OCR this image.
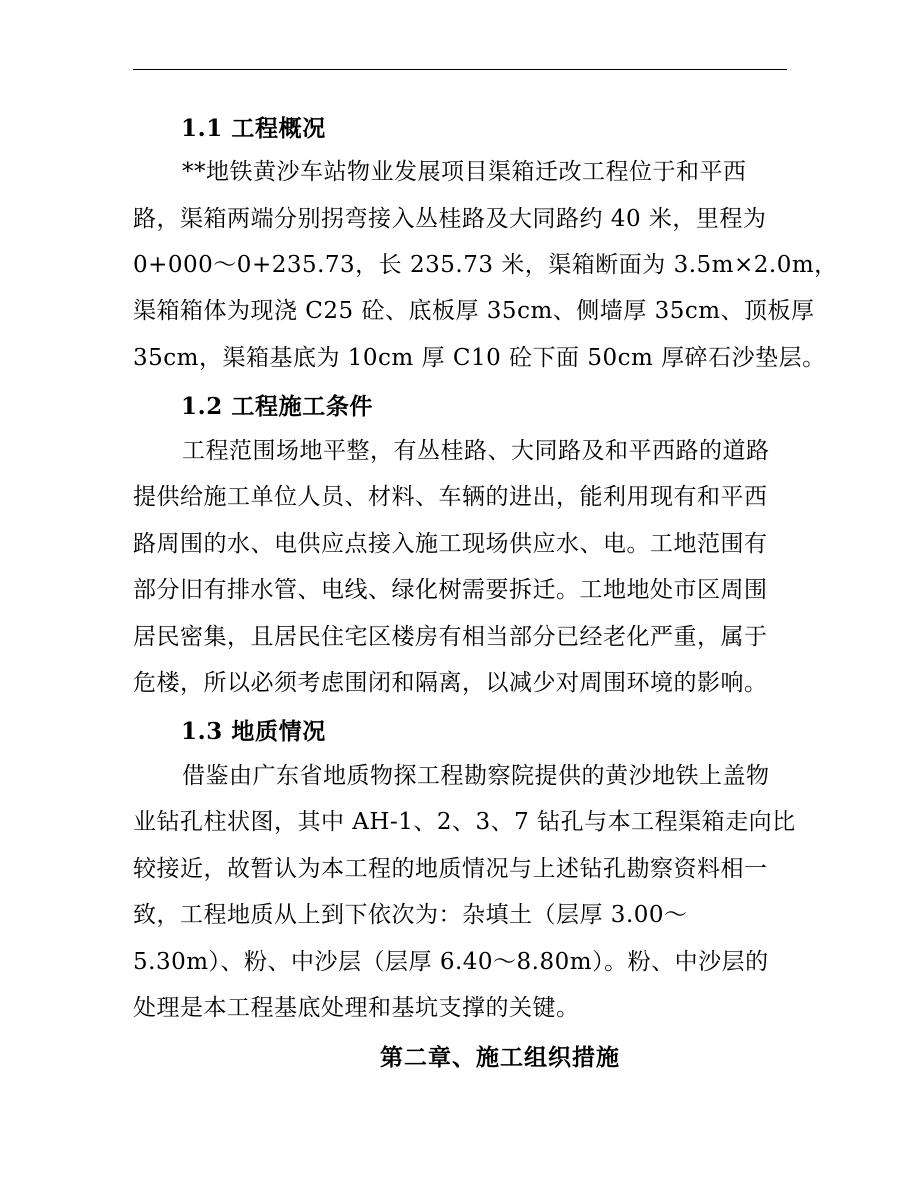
1.1 工程概况
**地铁黄沙车站物业发展项目渠箱迁改工程位于和平西
路，渠箱两端分别拐弯接入丛桂路及大同路约 40 米，里程为
0+000～0+235.73，长 235.73 米，渠箱断面为 3.5m×2.0m，
渠箱箱体为现浇 C25 砼、底板厚 35cm、侧墙厚 35cm、顶板厚
35cm，渠箱基底为 10cm 厚 C10 砼下面 50cm 厚碎石沙垫层。
1.2 工程施工条件
工程范围场地平整，有丛桂路、大同路及和平西路的道路
提供给施工单位人员、材料、车辆的进出，能利用现有和平西
路周围的水、电供应点接入施工现场供应水、电。工地范围有
部分旧有排水管、电线、绿化树需要拆迁。工地地处市区周围
居民密集，且居民住宅区楼房有相当部分已经老化严重，属于
危楼，所以必须考虑围闭和隔离，以减少对周围环境的影响。
1.3 地质情况
借鉴由广东省地质物探工程勘察院提供的黄沙地铁上盖物
业钻孔柱状图，其中 AH-1、2、3、7 钻孔与本工程渠箱走向比
较接近，故暂认为本工程的地质情况与上述钻孔勘察资料相一
致，工程地质从上到下依次为：杂填土（层厚 3.00～
5.30m）、粉、中沙层（层厚 6.40～8.80m）。粉、中沙层的
处理是本工程基底处理和基坑支撑的关键。
第二章、施工组织措施
